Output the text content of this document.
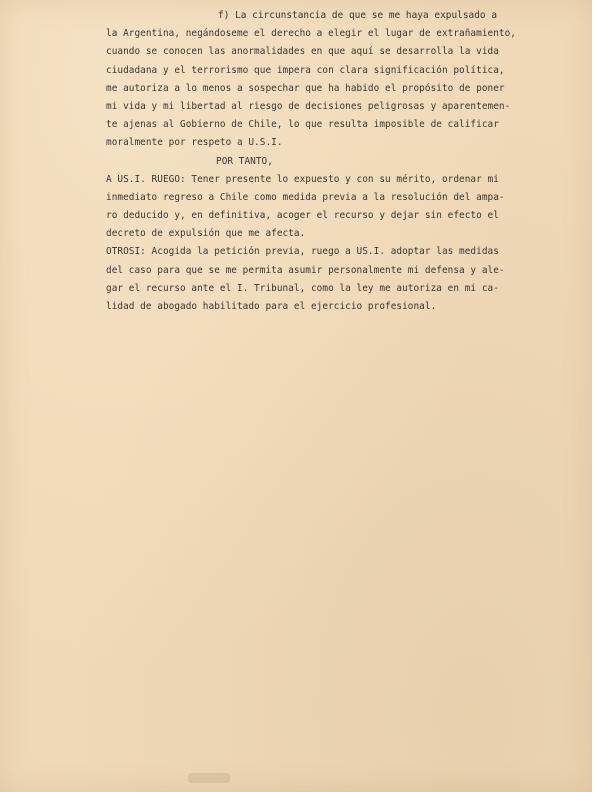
f) La circunstancia de que se me haya expulsado a
la Argentina, negándoseme el derecho a elegir el lugar de extrañamiento,
cuando se conocen las anormalidades en que aquí se desarrolla la vida
ciudadana y el terrorismo que impera con clara significación política,
me autoriza a lo menos a sospechar que ha habido el propósito de poner
mi vida y mi libertad al riesgo de decisiones peligrosas y aparentemen-
te ajenas al Gobierno de Chile, lo que resulta imposible de calificar
moralmente por respeto a U.S.I.
POR TANTO,
A US.I. RUEGO: Tener presente lo expuesto y con su mérito, ordenar mi
inmediato regreso a Chile como medida previa a la resolución del ampa-
ro deducido y, en definitiva, acoger el recurso y dejar sin efecto el
decreto de expulsión que me afecta.
OTROSI: Acogida la petición previa, ruego a US.I. adoptar las medidas
del caso para que se me permita asumir personalmente mi defensa y ale-
gar el recurso ante el I. Tribunal, como la ley me autoriza en mi ca-
lidad de abogado habilitado para el ejercicio profesional.
